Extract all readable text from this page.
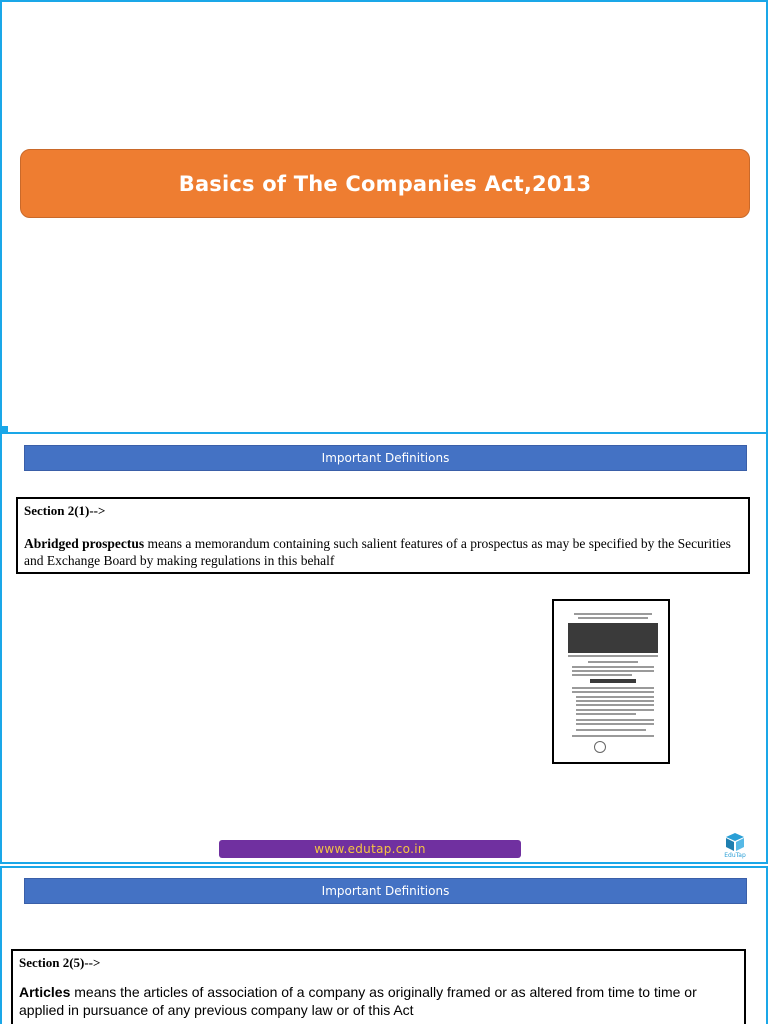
Basics of The Companies Act,2013
Important Definitions
Section 2(1)-->
Abridged prospectus means a memorandum containing such salient features of a prospectus as may be specified by the Securities and Exchange Board by making regulations in this behalf
www.edutap.co.in	EduTap
Important Definitions
Section 2(5)-->
Articles means the articles of association of a company as originally framed or as altered from time to time or applied in pursuance of any previous company law or of this Act
